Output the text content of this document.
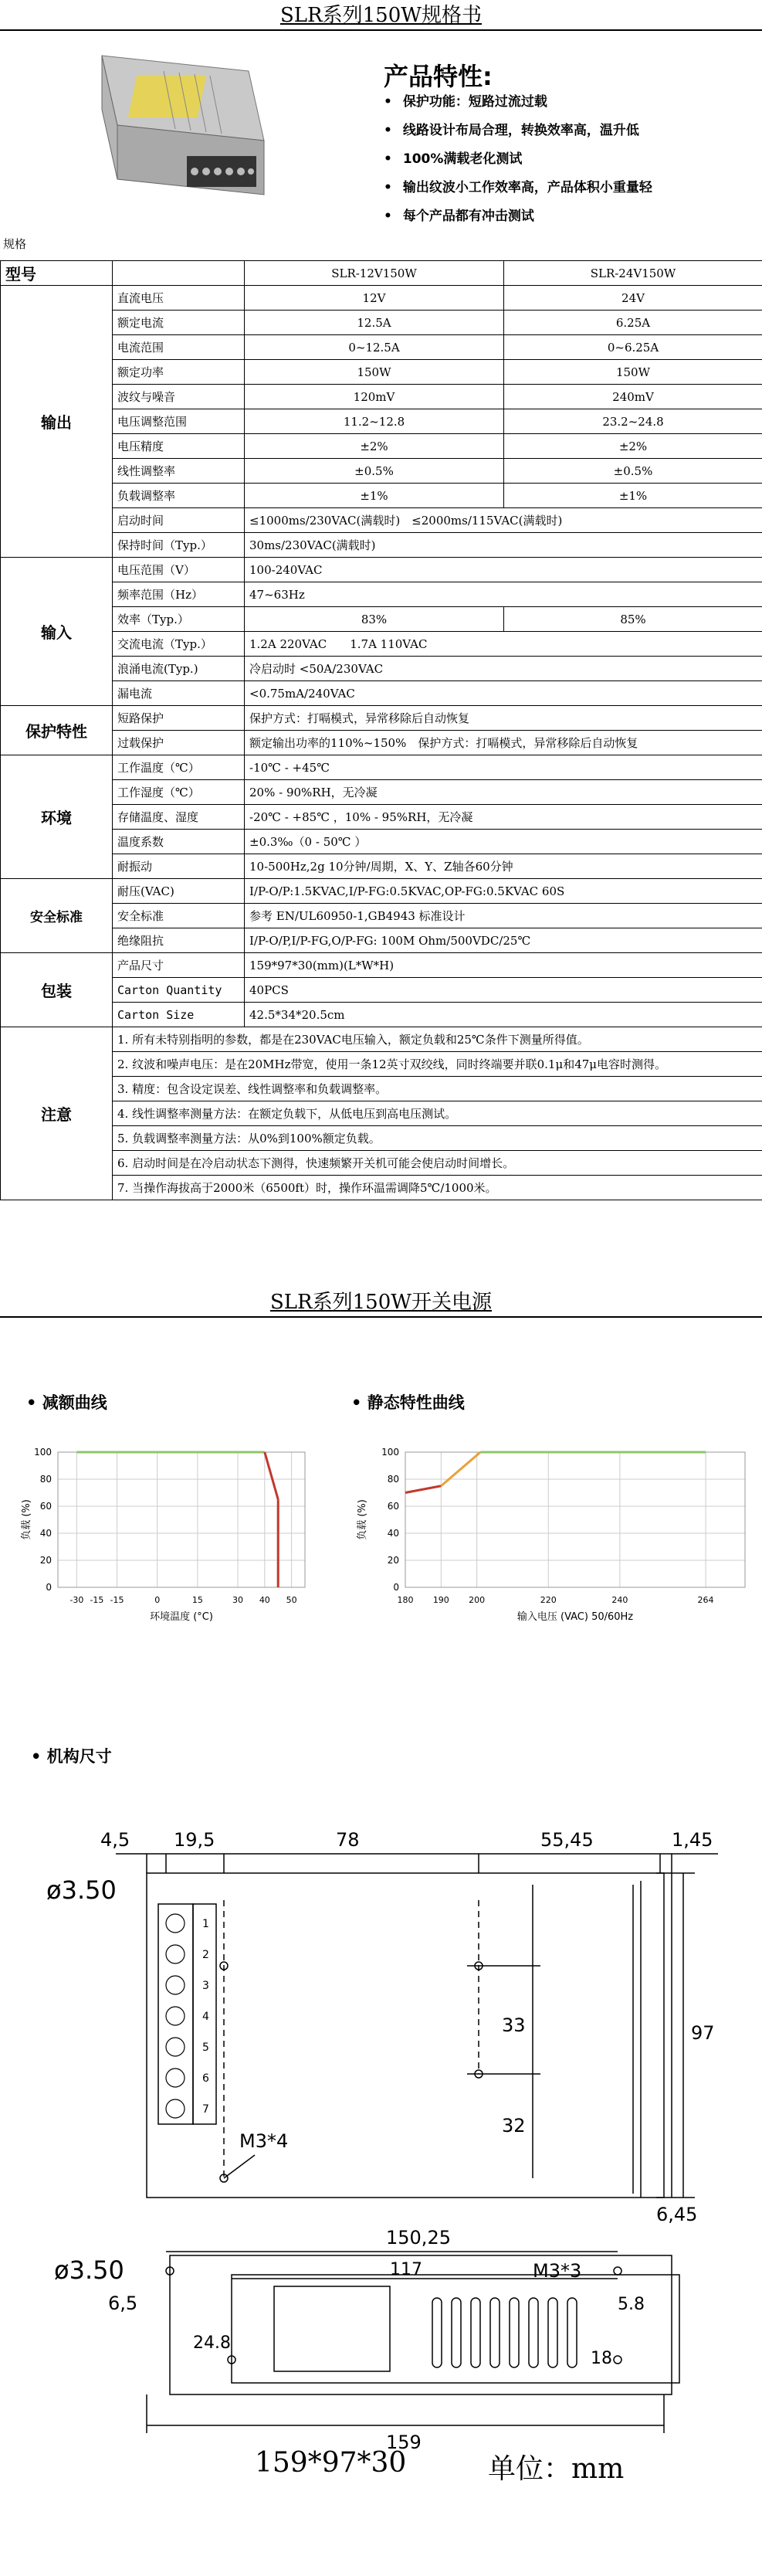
SLR系列150W规格书
产品特性:
• 保护功能：短路过流过载
• 线路设计布局合理，转换效率高，温升低
• 100%满载老化测试
• 输出纹波小工作效率高，产品体积小重量轻
• 每个产品都有冲击测试
规格
型号		SLR-12V150W	SLR-24V150W
输出	直流电压	12V	24V
	额定电流	12.5A	6.25A
	电流范围	0~12.5A	0~6.25A
	额定功率	150W	150W
	波纹与噪音	120mV	240mV
	电压调整范围	11.2~12.8	23.2~24.8
	电压精度	±2%	±2%
	线性调整率	±0.5%	±0.5%
	负载调整率	±1%	±1%
	启动时间	≤1000ms/230VAC(满载时)　≤2000ms/115VAC(满载时)	
	保持时间（Typ.）	30ms/230VAC(满载时)	
输入	电压范围（V）	100-240VAC	
	频率范围（Hz）	47~63Hz	
	效率（Typ.）	83%	85%
	交流电流（Typ.）	1.2A 220VAC　　1.7A 110VAC	
	浪涌电流(Typ.)	冷启动时 <50A/230VAC	
	漏电流	<0.75mA/240VAC	
保护特性	短路保护	保护方式：打嗝模式，异常移除后自动恢复	
	过载保护	额定输出功率的110%~150%　保护方式：打嗝模式，异常移除后自动恢复	
环境	工作温度（℃）	-10℃ - +45℃	
	工作湿度（℃）	20% - 90%RH，无冷凝	
	存储温度、湿度	-20℃ - +85℃ ，10% - 95%RH，无冷凝	
	温度系数	±0.3‰（0 - 50℃ ）	
	耐振动	10-500Hz,2g 10分钟/周期，X、Y、Z轴各60分钟	
安全标准	耐压(VAC)	I/P-O/P:1.5KVAC,I/P-FG:0.5KVAC,OP-FG:0.5KVAC 60S	
	安全标准	参考 EN/UL60950-1,GB4943 标准设计	
	绝缘阻抗	I/P-O/P,I/P-FG,O/P-FG: 100M Ohm/500VDC/25℃	
包装	产品尺寸	159*97*30(mm)(L*W*H)	
	Carton Quantity	40PCS	
	Carton Size	42.5*34*20.5cm	
注意	1. 所有未特别指明的参数，都是在230VAC电压输入，额定负载和25℃条件下测量所得值。		
	2. 纹波和噪声电压：是在20MHz带宽，使用一条12英寸双绞线，同时终端要并联0.1μ和47μ电容时测得。		
	3. 精度：包含设定误差、线性调整率和负载调整率。		
	4. 线性调整率测量方法：在额定负载下，从低电压到高电压测试。		
	5. 负载调整率测量方法：从0%到100%额定负载。		
	6. 启动时间是在冷启动状态下测得，快速频繁开关机可能会使启动时间增长。		
	7. 当操作海拔高于2000米（6500ft）时，操作环温需调降5℃/1000米。		
SLR系列150W开关电源
• 减额曲线
0
20
40
60
80
100
-30 -15 -15	0	15	30 40 50
环境温度 (°C)
负载 (%)
• 静态特性曲线
0
20
40
60
80
100
180 190 200	220	240	264
输入电压 (VAC) 50/60Hz
负载 (%)
• 机构尺寸
1
2
3
4
5
6
7
4,5 19,5	78	55,45	1,45
ø3.50
33
32
97
6,45
M3*4
150,25
117
ø3.50	M3*3
6,5
24.8
5.8
18
159
159*97*30	单位：mm
